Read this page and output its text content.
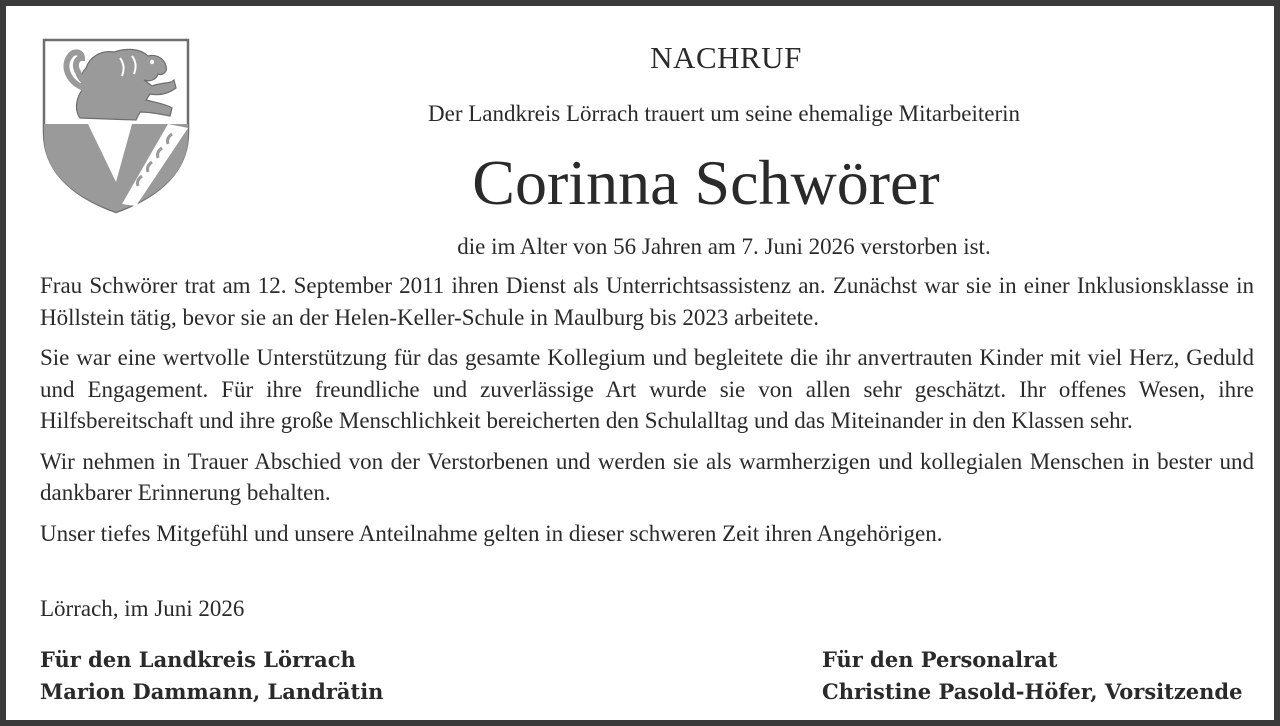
NACHRUF
Der Landkreis Lörrach trauert um seine ehemalige Mitarbeiterin
Corinna Schwörer
die im Alter von 56 Jahren am 7. Juni 2026 verstorben ist.

Frau Schwörer trat am 12. September 2011 ihren Dienst als Unterrichtsassistenz an. Zunächst war sie in einer Inklusionsklasse in Höllstein tätig, bevor sie an der Helen-Keller-Schule in Maulburg bis 2023 arbeitete.

Sie war eine wertvolle Unterstützung für das gesamte Kollegium und begleitete die ihr anvertrauten Kinder mit viel Herz, Geduld und Engagement. Für ihre freundliche und zuverlässige Art wurde sie von allen sehr geschätzt. Ihr offenes Wesen, ihre Hilfsbereitschaft und ihre große Menschlichkeit bereicherten den Schulalltag und das Miteinander in den Klassen sehr.

Wir nehmen in Trauer Abschied von der Verstorbenen und werden sie als warmherzigen und kollegialen Menschen in bester und dankbarer Erinnerung behalten.

Unser tiefes Mitgefühl und unsere Anteilnahme gelten in dieser schweren Zeit ihren Angehörigen.

Lörrach, im Juni 2026
Für den Landkreis Lörrach
Marion Dammann, Landrätin
Für den Personalrat
Christine Pasold-Höfer, Vorsitzende
